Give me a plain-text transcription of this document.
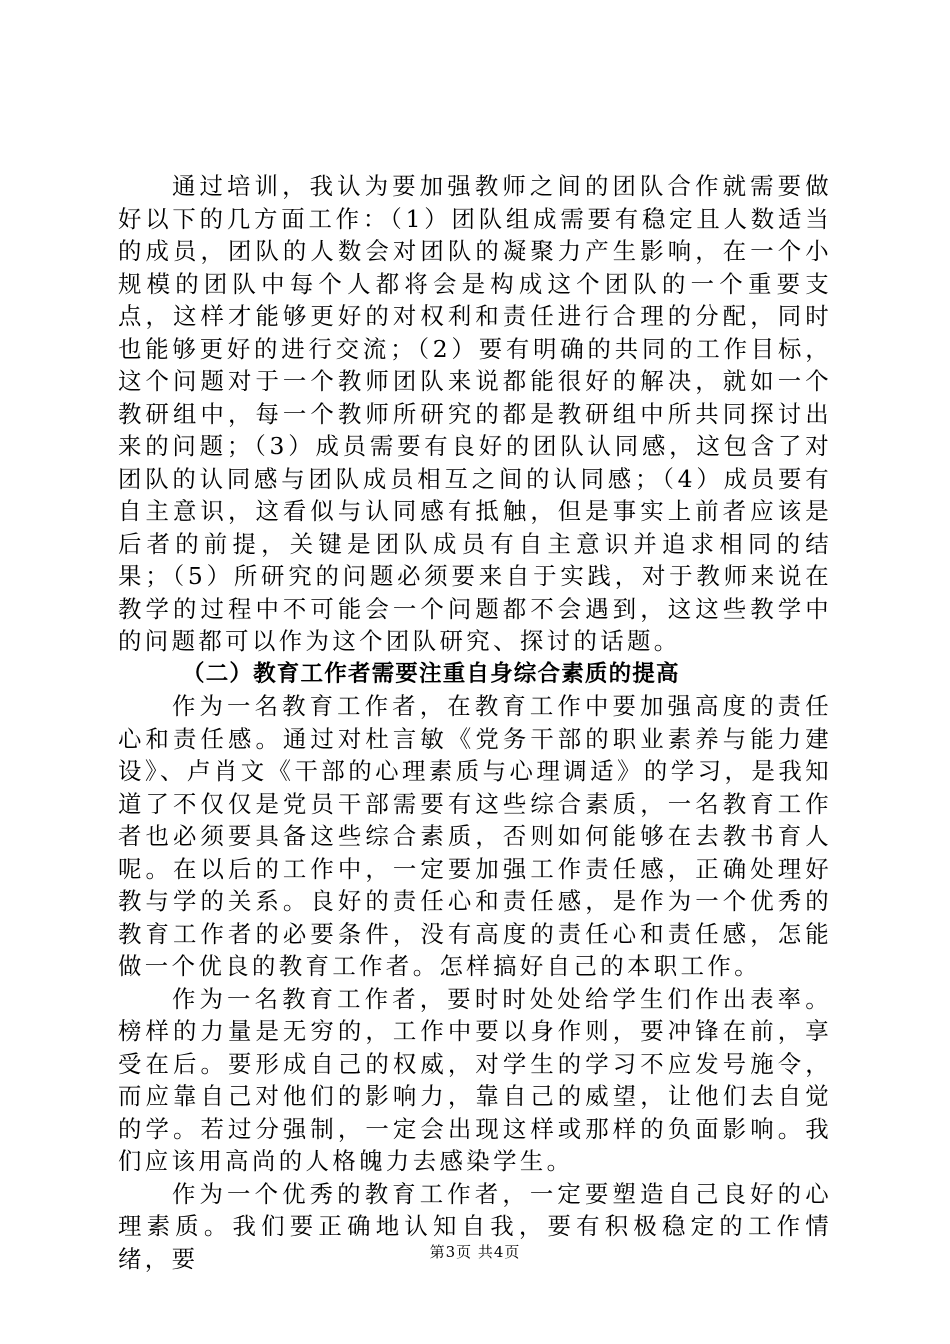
通过培训，我认为要加强教师之间的团队合作就需要做好以下的几方面工作：（1）团队组成需要有稳定且人数适当的成员，团队的人数会对团队的凝聚力产生影响，在一个小规模的团队中每个人都将会是构成这个团队的一个重要支点，这样才能够更好的对权利和责任进行合理的分配，同时也能够更好的进行交流；（2）要有明确的共同的工作目标，这个问题对于一个教师团队来说都能很好的解决，就如一个教研组中，每一个教师所研究的都是教研组中所共同探讨出来的问题；（3）成员需要有良好的团队认同感，这包含了对团队的认同感与团队成员相互之间的认同感；（4）成员要有自主意识，这看似与认同感有抵触，但是事实上前者应该是后者的前提，关键是团队成员有自主意识并追求相同的结果；（5）所研究的问题必须要来自于实践，对于教师来说在教学的过程中不可能会一个问题都不会遇到，这这些教学中的问题都可以作为这个团队研究、探讨的话题。

（二）教育工作者需要注重自身综合素质的提高

作为一名教育工作者，在教育工作中要加强高度的责任心和责任感。通过对杜言敏《党务干部的职业素养与能力建设》、卢肖文《干部的心理素质与心理调适》的学习，是我知道了不仅仅是党员干部需要有这些综合素质，一名教育工作者也必须要具备这些综合素质，否则如何能够在去教书育人呢。在以后的工作中，一定要加强工作责任感，正确处理好教与学的关系。良好的责任心和责任感，是作为一个优秀的教育工作者的必要条件，没有高度的责任心和责任感，怎能做一个优良的教育工作者。怎样搞好自己的本职工作。

作为一名教育工作者，要时时处处给学生们作出表率。榜样的力量是无穷的，工作中要以身作则，要冲锋在前，享受在后。要形成自己的权威，对学生的学习不应发号施令，而应靠自己对他们的影响力，靠自己的威望，让他们去自觉的学。若过分强制，一定会出现这样或那样的负面影响。我们应该用高尚的人格魄力去感染学生。

作为一个优秀的教育工作者，一定要塑造自己良好的心理素质。我们要正确地认知自我，要有积极稳定的工作情绪，要	第3页 共4页
